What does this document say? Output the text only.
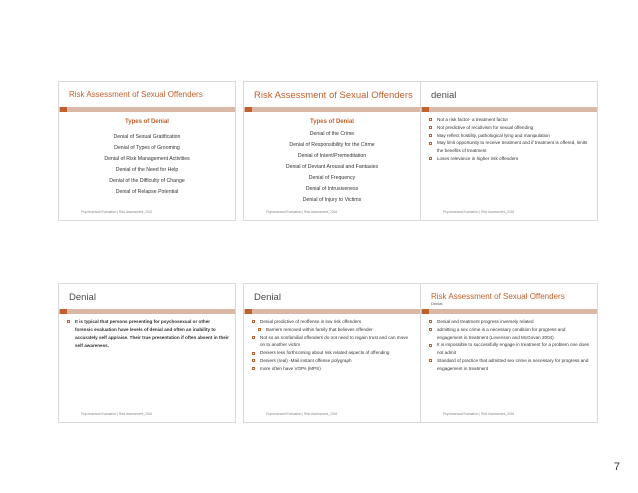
Risk Assessment of Sexual Offenders
Types of Denial
Denial of Sexual Gratification
Denial of Types of Grooming
Denial of Risk Management Activities
Denial of the Need for Help
Denial of the Difficulty of Change
Denial of Relapse Potential
Psychosexual Evaluation | Risk Assessment_2016
Risk Assessment of Sexual Offenders
Types of Denial
Denial of the Crime
Denial of Responsibility for the Crime
Denial of Intent/Premeditation
Denial of Deviant Arousal and Fantasies
Denial of Frequency
Denial of Intrusiveness
Denial of Injury to Victims
Psychosexual Evaluation | Risk Assessment_2016
denial
Not a risk factor- a treatment factor
Not predictive of recidivism for sexual offending
May reflect hostility, pathological lying and manipulation
May limit opportunity to receive treatment and if treatment is offered, limits the benefits of treatment
Loses relevance in higher risk offenders
Psychosexual Evaluation | Risk Assessment_2016
Denial
It is typical that persons presenting for psychosexual or other forensic evaluation have levels of denial and often an inability to accurately self appraise. Their true presentation if often absent in their self awareness.
Psychosexual Evaluation | Risk Assessment_2016
Denial
Denial predictive of reoffense in low risk offenders
Barriers removed within family that believes offender
Not so as nonfamilial offenders do not need to regain trust and can move on to another victim
Deniers less forthcoming about risk related aspects of offending
Deniers (real) -Mail instant offense polygraph
more often have VOPs (MPS)
Psychosexual Evaluation | Risk Assessment_2016
Risk Assessment of Sexual Offenders
Denial
Denial and treatment progress inversely related
admitting a sex crime is a necessary condition for progress and engagement in treatment (Levenson and McGovan 2004)
It is impossible to successfully engage in treatment for a problem one does not admit
Standard of practice that admitted sex crime is necessary for progress and engagement in treatment
Psychosexual Evaluation | Risk Assessment_2016
7
